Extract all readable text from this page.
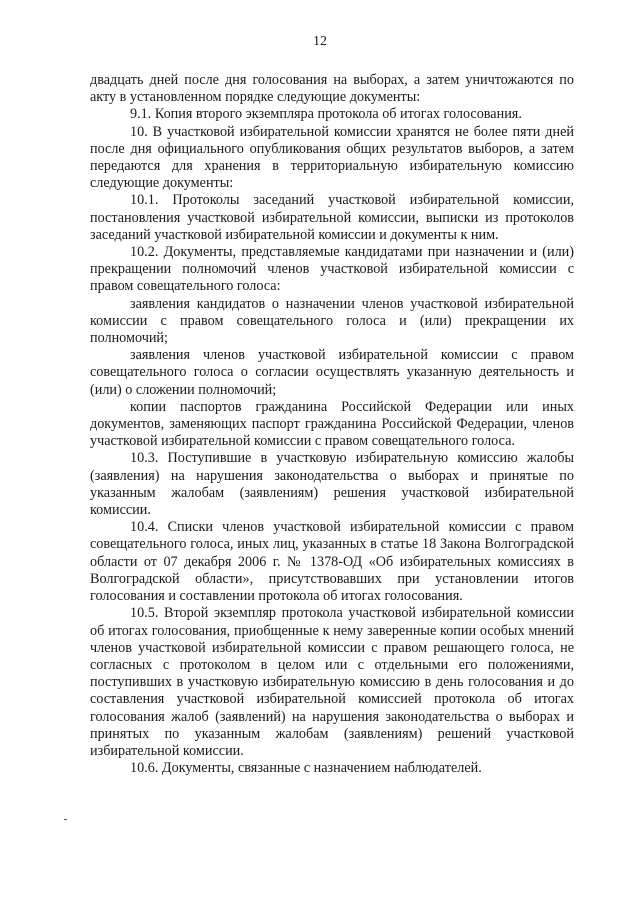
12

двадцать дней после дня голосования на выборах, а затем уничтожаются по акту в установленном порядке следующие документы:

9.1. Копия второго экземпляра протокола об итогах голосования.

10. В участковой избирательной комиссии хранятся не более пяти дней после дня официального опубликования общих результатов выборов, а затем передаются для хранения в территориальную избирательную комиссию следующие документы:

10.1. Протоколы заседаний участковой избирательной комиссии, постановления участковой избирательной комиссии, выписки из протоколов заседаний участковой избирательной комиссии и документы к ним.

10.2. Документы, представляемые кандидатами при назначении и (или) прекращении полномочий членов участковой избирательной комиссии с правом совещательного голоса:

заявления кандидатов о назначении членов участковой избирательной комиссии с правом совещательного голоса и (или) прекращении их полномочий;

заявления членов участковой избирательной комиссии с правом совещательного голоса о согласии осуществлять указанную деятельность и (или) о сложении полномочий;

копии паспортов гражданина Российской Федерации или иных документов, заменяющих паспорт гражданина Российской Федерации, членов участковой избирательной комиссии с правом совещательного голоса.

10.3. Поступившие в участковую избирательную комиссию жалобы (заявления) на нарушения законодательства о выборах и принятые по указанным жалобам (заявлениям) решения участковой избирательной комиссии.

10.4. Списки членов участковой избирательной комиссии с правом совещательного голоса, иных лиц, указанных в статье 18 Закона Волгоградской области от 07 декабря 2006 г. № 1378-ОД «Об избирательных комиссиях в Волгоградской области», присутствовавших при установлении итогов голосования и составлении протокола об итогах голосования.

10.5. Второй экземпляр протокола участковой избирательной комиссии об итогах голосования, приобщенные к нему заверенные копии особых мнений членов участковой избирательной комиссии с правом решающего голоса, не согласных с протоколом в целом или с отдельными его положениями, поступивших в участковую избирательную комиссию в день голосования и до составления участковой избирательной комиссией протокола об итогах голосования жалоб (заявлений) на нарушения законодательства о выборах и принятых по указанным жалобам (заявлениям) решений участковой избирательной комиссии.

10.6. Документы, связанные с назначением наблюдателей.
